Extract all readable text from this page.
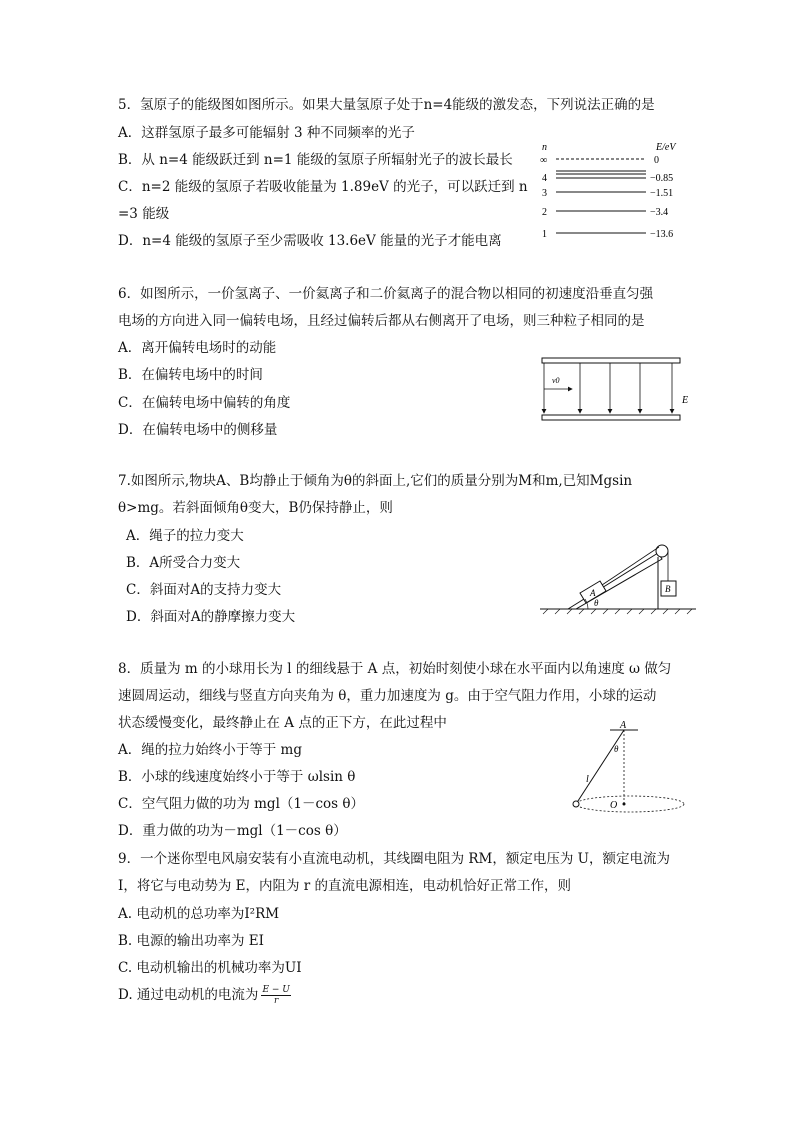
5．氢原子的能级图如图所示。如果大量氢原子处于n=4能级的激发态，下列说法正确的是
A．这群氢原子最多可能辐射 3 种不同频率的光子
B．从 n=4 能级跃迁到 n=1 能级的氢原子所辐射光子的波长最长
C．n=2 能级的氢原子若吸收能量为 1.89eV 的光子，可以跃迁到 n
=3 能级
D．n=4 能级的氢原子至少需吸收 13.6eV 能量的光子才能电离
n	E/eV
∞
4
3
2
1
0
−0.85
−1.51
−3.4
−13.6
6．如图所示，一价氢离子、一价氦离子和二价氦离子的混合物以相同的初速度沿垂直匀强
电场的方向进入同一偏转电场，且经过偏转后都从右侧离开了电场，则三种粒子相同的是
A．离开偏转电场时的动能
B．在偏转电场中的时间
C．在偏转电场中偏转的角度
D．在偏转电场中的侧移量
v0
E
7.如图所示,物块A、B均静止于倾角为θ的斜面上,它们的质量分别为M和m,已知Mgsin
θ>mg。若斜面倾角θ变大，B仍保持静止，则
A．绳子的拉力变大
B．A所受合力变大
C．斜面对A的支持力变大
D．斜面对A的静摩擦力变大
A	B
θ
8．质量为 m 的小球用长为 l 的细线悬于 A 点，初始时刻使小球在水平面内以角速度 ω 做匀
速圆周运动，细线与竖直方向夹角为 θ，重力加速度为 g。由于空气阻力作用，小球的运动
状态缓慢变化，最终静止在 A 点的正下方，在此过程中
A．绳的拉力始终小于等于 mg
B．小球的线速度始终小于等于 ωlsin θ
C．空气阻力做的功为 mgl（1－cos θ）
D．重力做的功为－mgl（1－cos θ）
A
θ
l
O
9．一个迷你型电风扇安装有小直流电动机，其线圈电阻为 RM，额定电压为 U，额定电流为
I，将它与电动势为 E，内阻为 r 的直流电源相连，电动机恰好正常工作，则
A. 电动机的总功率为I²RM
B. 电源的输出功率为 EI
C. 电动机输出的机械功率为UI
D. 通过电动机的电流为 $\frac{E - U}{r}$
